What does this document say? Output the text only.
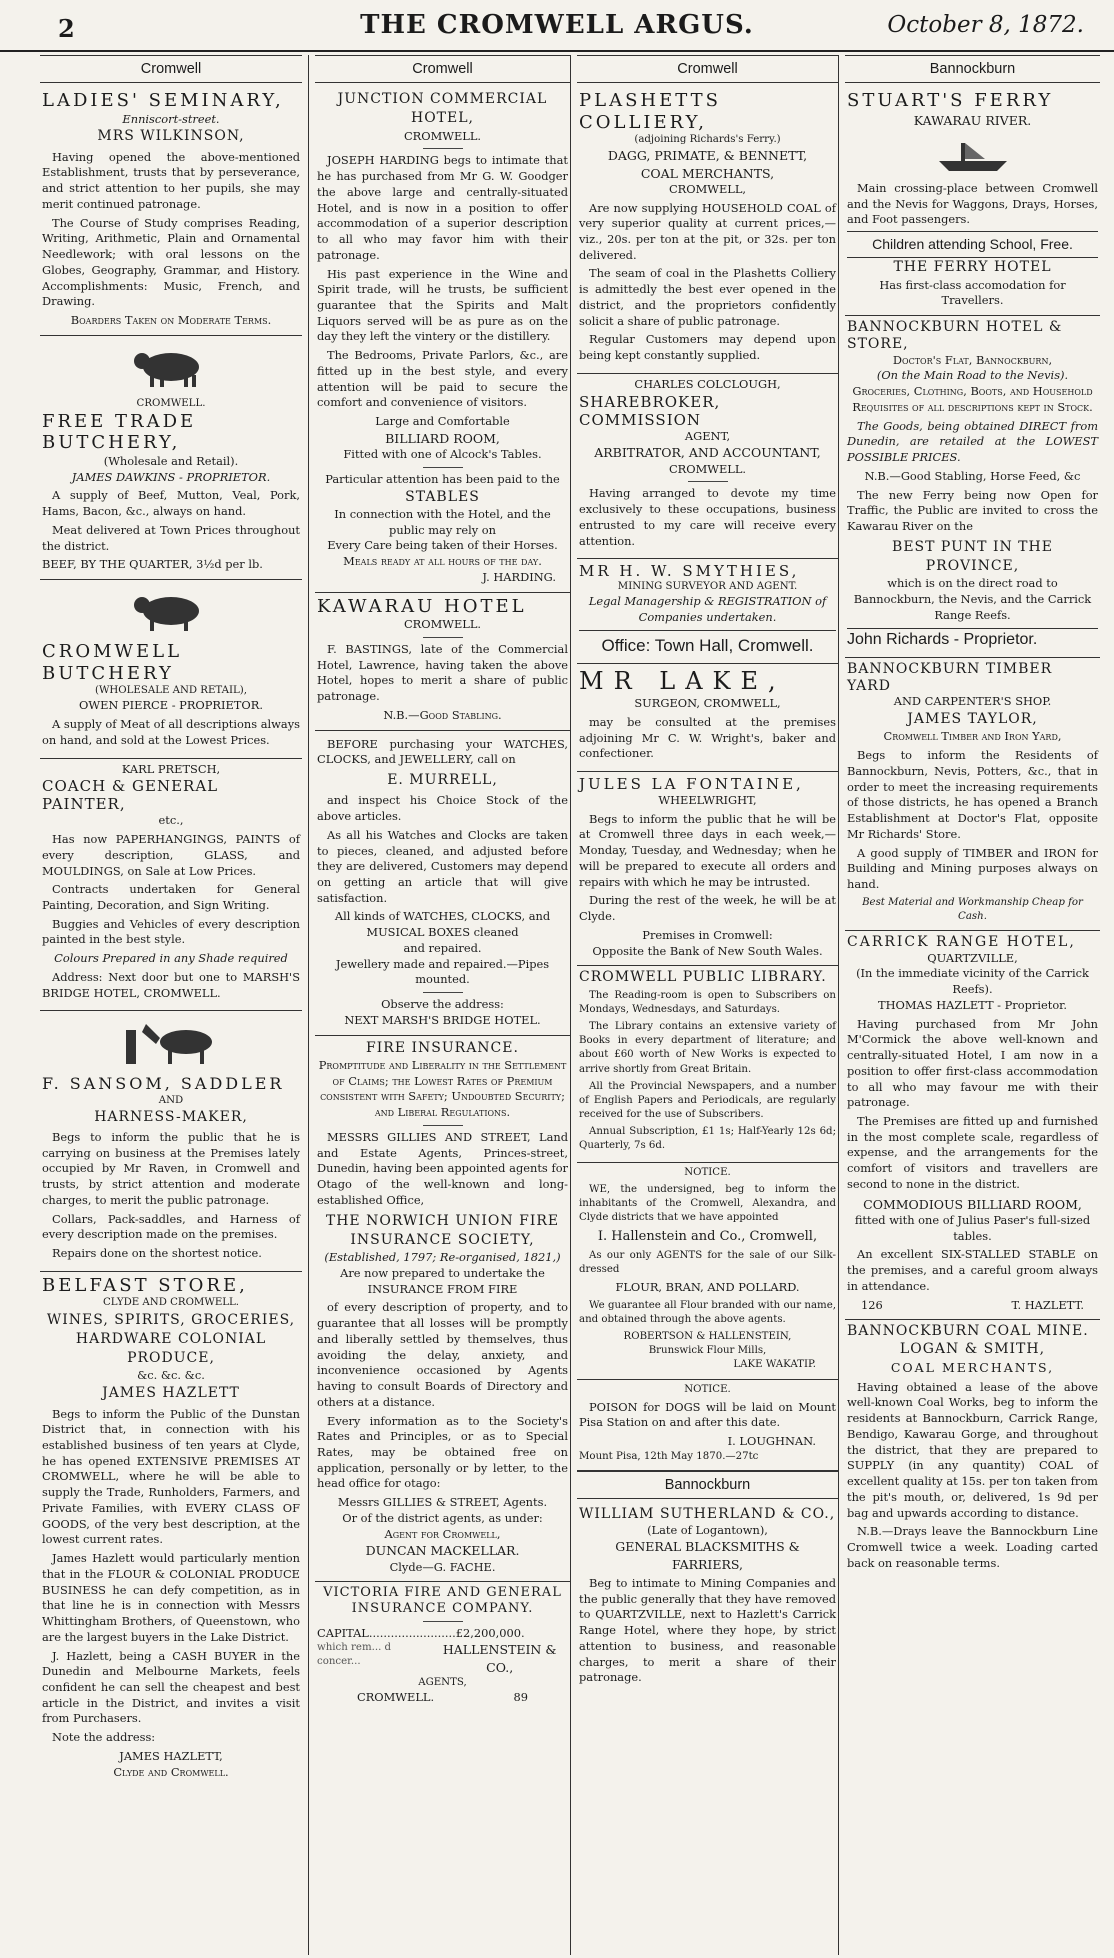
2	THE CROMWELL ARGUS.	October 8, 1872.
Cromwell
LADIES' SEMINARY,
Enniscort-street.
MRS WILKINSON,

Having opened the above-mentioned Establishment, trusts that by perseverance, and strict attention to her pupils, she may merit continued patronage.

The Course of Study comprises Reading, Writing, Arithmetic, Plain and Ornamental Needlework; with oral lessons on the Globes, Geography, Grammar, and History. Accomplishments: Music, French, and Drawing.

Boarders Taken on Moderate Terms.
CROMWELL.
FREE TRADE BUTCHERY,
(Wholesale and Retail).
JAMES DAWKINS - PROPRIETOR.

A supply of Beef, Mutton, Veal, Pork, Hams, Bacon, &c., always on hand.

Meat delivered at Town Prices throughout the district.

BEEF, BY THE QUARTER, 3½d per lb.
CROMWELL BUTCHERY
(WHOLESALE AND RETAIL),
OWEN PIERCE - PROPRIETOR.

A supply of Meat of all descriptions always on hand, and sold at the Lowest Prices.

KARL PRETSCH,
COACH & GENERAL PAINTER,
etc.,

Has now PAPERHANGINGS, PAINTS of every description, GLASS, and MOULDINGS, on Sale at Low Prices.

Contracts undertaken for General Painting, Decoration, and Sign Writing.

Buggies and Vehicles of every description painted in the best style.

Colours Prepared in any Shade required

Address: Next door but one to MARSH'S BRIDGE HOTEL, CROMWELL.

F. SANSOM, SADDLER
AND
HARNESS-MAKER,

Begs to inform the public that he is carrying on business at the Premises lately occupied by Mr Raven, in Cromwell and trusts, by strict attention and moderate charges, to merit the public patronage.

Collars, Pack-saddles, and Harness of every description made on the premises.

Repairs done on the shortest notice.

BELFAST STORE,
CLYDE AND CROMWELL.
WINES, SPIRITS, GROCERIES, HARDWARE COLONIAL PRODUCE,
&c. &c. &c.
JAMES HAZLETT

Begs to inform the Public of the Dunstan District that, in connection with his established business of ten years at Clyde, he has opened EXTENSIVE PREMISES AT CROMWELL, where he will be able to supply the Trade, Runholders, Farmers, and Private Families, with EVERY CLASS OF GOODS, of the very best description, at the lowest current rates.

James Hazlett would particularly mention that in the FLOUR & COLONIAL PRODUCE BUSINESS he can defy competition, as in that line he is in connection with Messrs Whittingham Brothers, of Queenstown, who are the largest buyers in the Lake District.

J. Hazlett, being a CASH BUYER in the Dunedin and Melbourne Markets, feels confident he can sell the cheapest and best article in the District, and invites a visit from Purchasers.

Note the address:

JAMES HAZLETT,
Clyde and Cromwell.
Cromwell
JUNCTION COMMERCIAL HOTEL,
CROMWELL.

JOSEPH HARDING begs to intimate that he has purchased from Mr G. W. Goodger the above large and centrally-situated Hotel, and is now in a position to offer accommodation of a superior description to all who may favor him with their patronage.

His past experience in the Wine and Spirit trade, will he trusts, be sufficient guarantee that the Spirits and Malt Liquors served will be as pure as on the day they left the vintery or the distillery.

The Bedrooms, Private Parlors, &c., are fitted up in the best style, and every attention will be paid to secure the comfort and convenience of visitors.

Large and Comfortable
BILLIARD ROOM,
Fitted with one of Alcock's Tables.
Particular attention has been paid to the
STABLES
In connection with the Hotel, and the public may rely on
Every Care being taken of their Horses.
Meals ready at all hours of the day.
J. HARDING.
KAWARAU HOTEL
CROMWELL.

F. BASTINGS, late of the Commercial Hotel, Lawrence, having taken the above Hotel, hopes to merit a share of public patronage.

N.B.—Good Stabling.

BEFORE purchasing your WATCHES, CLOCKS, and JEWELLERY, call on

E. MURRELL,

and inspect his Choice Stock of the above articles.

As all his Watches and Clocks are taken to pieces, cleaned, and adjusted before they are delivered, Customers may depend on getting an article that will give satisfaction.

All kinds of WATCHES, CLOCKS, and MUSICAL BOXES cleaned
and repaired.
Jewellery made and repaired.—Pipes mounted.
Observe the address:
NEXT MARSH'S BRIDGE HOTEL.
FIRE INSURANCE.
Promptitude and Liberality in the Settlement of Claims; the Lowest Rates of Premium consistent with Safety; Undoubted Security; and Liberal Regulations.

MESSRS GILLIES AND STREET, Land and Estate Agents, Princes-street, Dunedin, having been appointed agents for Otago of the well-known and long-established Office,

THE NORWICH UNION FIRE INSURANCE SOCIETY,
(Established, 1797; Re-organised, 1821,)
Are now prepared to undertake the
INSURANCE FROM FIRE

of every description of property, and to guarantee that all losses will be promptly and liberally settled by themselves, thus avoiding the delay, anxiety, and inconvenience occasioned by Agents having to consult Boards of Directory and others at a distance.

Every information as to the Society's Rates and Principles, or as to Special Rates, may be obtained free on application, personally or by letter, to the head office for otago:

Messrs GILLIES & STREET, Agents.
Or of the district agents, as under:
Agent for Cromwell,
DUNCAN MACKELLAR.
Clyde—G. FACHE.
VICTORIA FIRE AND GENERAL INSURANCE COMPANY.
CAPITAL........................£2,200,000.
which rem... d concer...
HALLENSTEIN & CO.,
AGENTS,
CROMWELL.	89
Cromwell
PLASHETTS COLLIERY,
(adjoining Richards's Ferry.)
DAGG, PRIMATE, & BENNETT,
COAL MERCHANTS,
CROMWELL,

Are now supplying HOUSEHOLD COAL of very superior quality at current prices,—viz., 20s. per ton at the pit, or 32s. per ton delivered.

The seam of coal in the Plashetts Colliery is admittedly the best ever opened in the district, and the proprietors confidently solicit a share of public patronage.

Regular Customers may depend upon being kept constantly supplied.

CHARLES COLCLOUGH,
SHAREBROKER, COMMISSION
AGENT,
ARBITRATOR, AND ACCOUNTANT,
CROMWELL.

Having arranged to devote my time exclusively to these occupations, business entrusted to my care will receive every attention.

MR H. W. SMYTHIES,
MINING SURVEYOR AND AGENT.
Legal Managership & REGISTRATION of Companies undertaken.
Office: Town Hall, Cromwell.
MR LAKE,
SURGEON, CROMWELL,

may be consulted at the premises adjoining Mr C. W. Wright's, baker and confectioner.

JULES LA FONTAINE,
WHEELWRIGHT,

Begs to inform the public that he will be at Cromwell three days in each week,—Monday, Tuesday, and Wednesday; when he will be prepared to execute all orders and repairs with which he may be intrusted.

During the rest of the week, he will be at Clyde.

Premises in Cromwell:
Opposite the Bank of New South Wales.
CROMWELL PUBLIC LIBRARY.

The Reading-room is open to Subscribers on Mondays, Wednesdays, and Saturdays.

The Library contains an extensive variety of Books in every department of literature; and about £60 worth of New Works is expected to arrive shortly from Great Britain.

All the Provincial Newspapers, and a number of English Papers and Periodicals, are regularly received for the use of Subscribers.

Annual Subscription, £1 1s; Half-Yearly 12s 6d; Quarterly, 7s 6d.

NOTICE.

WE, the undersigned, beg to inform the inhabitants of the Cromwell, Alexandra, and Clyde districts that we have appointed

I. Hallenstein and Co., Cromwell,

As our only AGENTS for the sale of our Silk-dressed

FLOUR, BRAN, AND POLLARD.

We guarantee all Flour branded with our name, and obtained through the above agents.

ROBERTSON & HALLENSTEIN,
Brunswick Flour Mills,
LAKE WAKATIP.
NOTICE.

POISON for DOGS will be laid on Mount Pisa Station on and after this date.

I. LOUGHNAN.
Mount Pisa, 12th May 1870.—27tc
Bannockburn
WILLIAM SUTHERLAND & CO.,
(Late of Logantown),
GENERAL BLACKSMITHS & FARRIERS,

Beg to intimate to Mining Companies and the public generally that they have removed to QUARTZVILLE, next to Hazlett's Carrick Range Hotel, where they hope, by strict attention to business, and reasonable charges, to merit a share of their patronage.

Bannockburn
STUART'S FERRY
KAWARAU RIVER.

Main crossing-place between Cromwell and the Nevis for Waggons, Drays, Horses, and Foot passengers.

Children attending School, Free.
THE FERRY HOTEL
Has first-class accomodation for Travellers.
BANNOCKBURN HOTEL & STORE,
Doctor's Flat, Bannockburn,
(On the Main Road to the Nevis).
Groceries, Clothing, Boots, and Household Requisites of all descriptions kept in Stock.

The Goods, being obtained DIRECT from Dunedin, are retailed at the LOWEST POSSIBLE PRICES.

N.B.—Good Stabling, Horse Feed, &c

The new Ferry being now Open for Traffic, the Public are invited to cross the Kawarau River on the

BEST PUNT IN THE PROVINCE,
which is on the direct road to Bannockburn, the Nevis, and the Carrick Range Reefs.
John Richards - Proprietor.
BANNOCKBURN TIMBER YARD
AND CARPENTER'S SHOP.
JAMES TAYLOR,
Cromwell Timber and Iron Yard,

Begs to inform the Residents of Bannockburn, Nevis, Potters, &c., that in order to meet the increasing requirements of those districts, he has opened a Branch Establishment at Doctor's Flat, opposite Mr Richards' Store.

A good supply of TIMBER and IRON for Building and Mining purposes always on hand.

Best Material and Workmanship Cheap for Cash.
CARRICK RANGE HOTEL,
QUARTZVILLE,
(In the immediate vicinity of the Carrick Reefs).
THOMAS HAZLETT - Proprietor.

Having purchased from Mr John M'Cormick the above well-known and centrally-situated Hotel, I am now in a position to offer first-class accommodation to all who may favour me with their patronage.

The Premises are fitted up and furnished in the most complete scale, regardless of expense, and the arrangements for the comfort of visitors and travellers are second to none in the district.

COMMODIOUS BILLIARD ROOM,
fitted with one of Julius Paser's full-sized tables.

An excellent SIX-STALLED STABLE on the premises, and a careful groom always in attendance.

126	T. HAZLETT.
BANNOCKBURN COAL MINE.
LOGAN & SMITH,
COAL MERCHANTS,

Having obtained a lease of the above well-known Coal Works, beg to inform the residents at Bannockburn, Carrick Range, Bendigo, Kawarau Gorge, and throughout the district, that they are prepared to SUPPLY (in any quantity) COAL of excellent quality at 15s. per ton taken from the pit's mouth, or, delivered, 1s 9d per bag and upwards according to distance.

N.B.—Drays leave the Bannockburn Line Cromwell twice a week. Loading carted back on reasonable terms.
